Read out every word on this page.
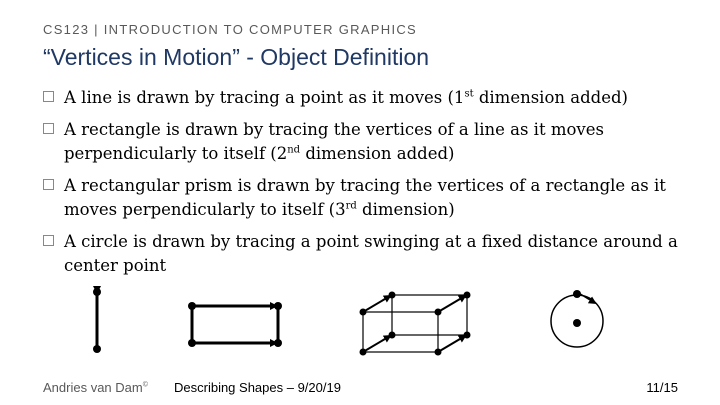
CS123 | INTRODUCTION TO COMPUTER GRAPHICS
“Vertices in Motion” - Object Definition
A line is drawn by tracing a point as it moves (1st dimension added)
A rectangle is drawn by tracing the vertices of a line as it moves perpendicularly to itself (2nd dimension added)
A rectangular prism is drawn by tracing the vertices of a rectangle as it moves perpendicularly to itself (3rd dimension)
A circle is drawn by tracing a point swinging at a fixed distance around a center point
Andries van Dam© Describing Shapes – 9/20/19	11/15
